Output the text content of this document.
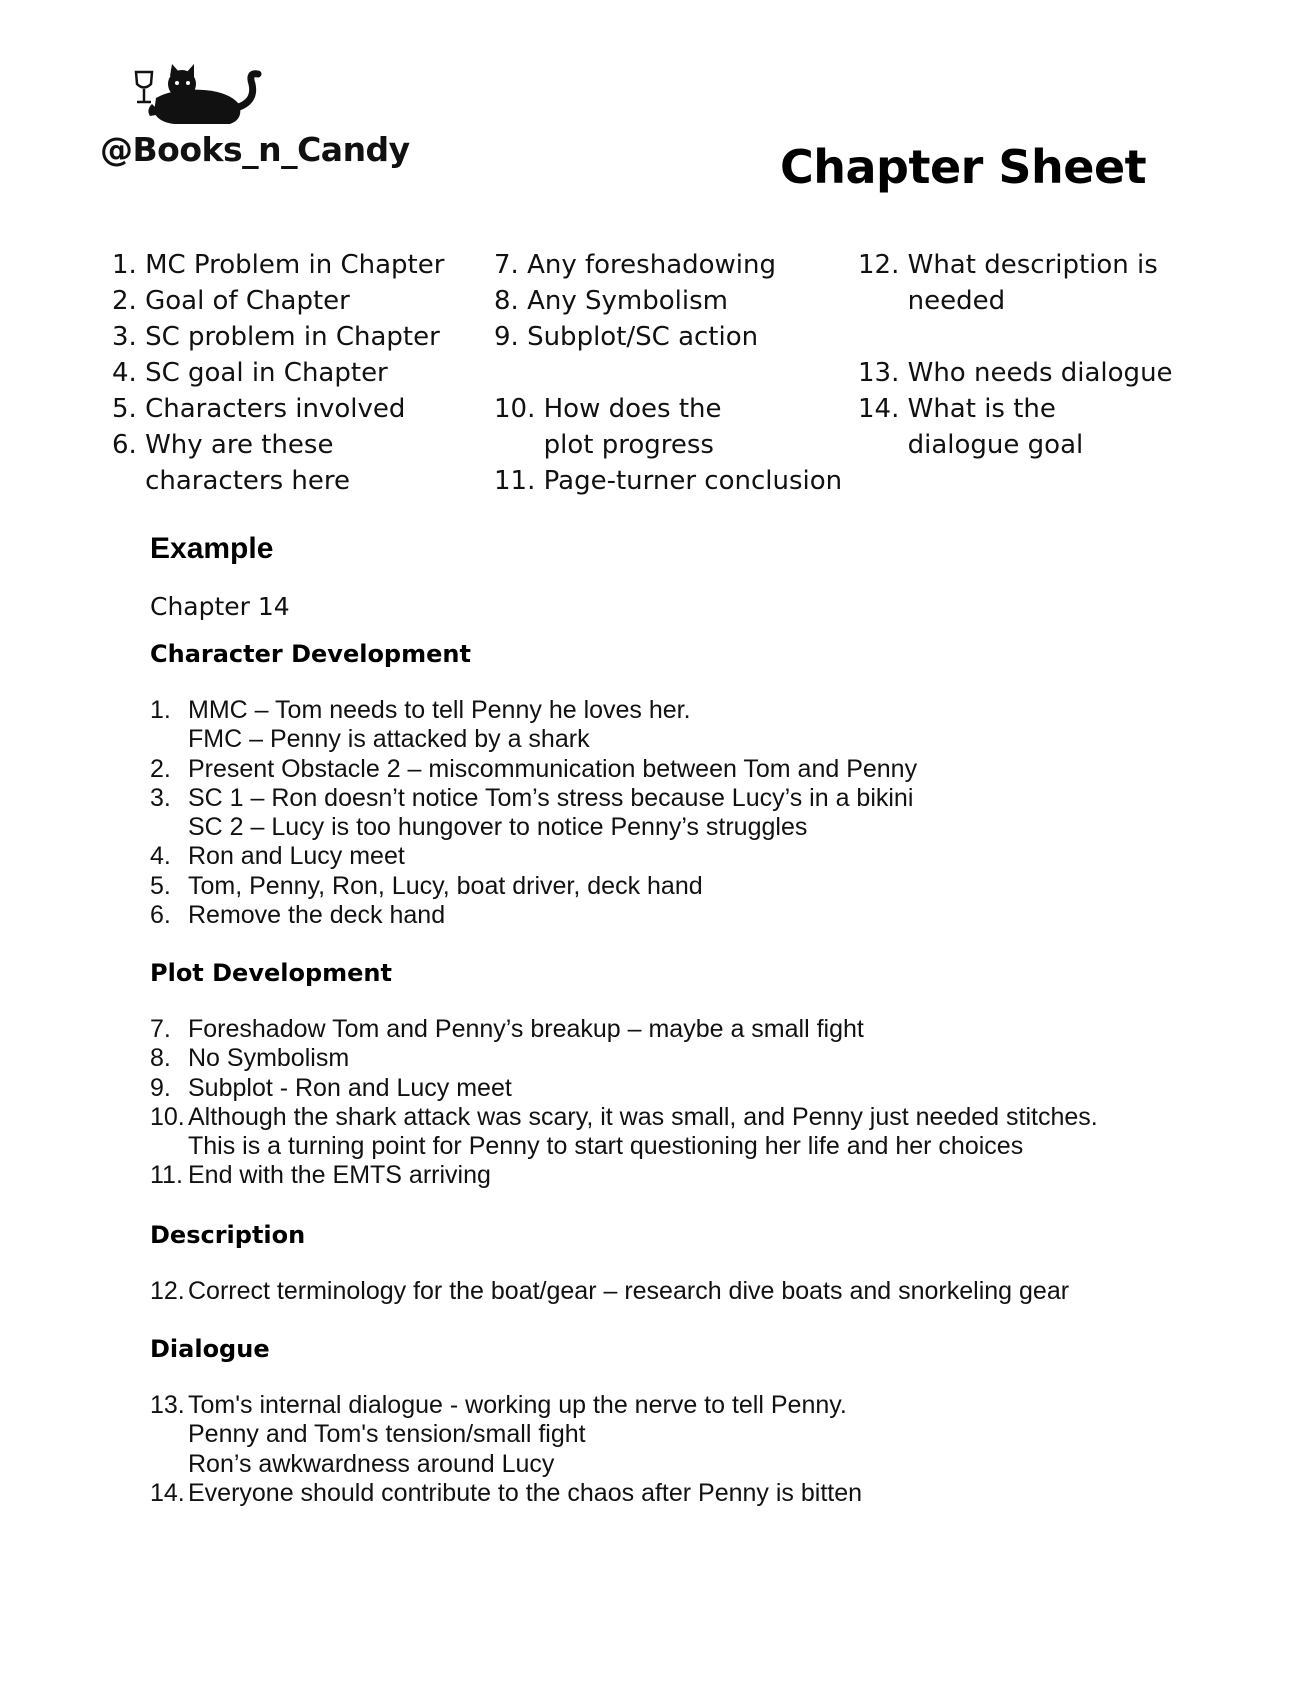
@Books_n_Candy	Chapter Sheet
1. MC Problem in Chapter
2. Goal of Chapter
3. SC problem in Chapter
4. SC goal in Chapter
5. Characters involved
6. Why are these characters here
7. Any foreshadowing
8. Any Symbolism
9. Subplot/SC action
10. How does the plot progress
11. Page-turner conclusion
12. What description is needed
13. Who needs dialogue
14. What is the dialogue goal
Example
Chapter 14
Character Development
1. MMC – Tom needs to tell Penny he loves her.
FMC – Penny is attacked by a shark
2. Present Obstacle 2 – miscommunication between Tom and Penny
3. SC 1 – Ron doesn’t notice Tom’s stress because Lucy’s in a bikini
SC 2 – Lucy is too hungover to notice Penny’s struggles
4. Ron and Lucy meet
5. Tom, Penny, Ron, Lucy, boat driver, deck hand
6. Remove the deck hand
Plot Development
7. Foreshadow Tom and Penny’s breakup – maybe a small fight
8. No Symbolism
9. Subplot - Ron and Lucy meet
10. Although the shark attack was scary, it was small, and Penny just needed stitches.
This is a turning point for Penny to start questioning her life and her choices
11. End with the EMTS arriving
Description
12. Correct terminology for the boat/gear – research dive boats and snorkeling gear
Dialogue
13. Tom's internal dialogue - working up the nerve to tell Penny.
Penny and Tom's tension/small fight
Ron’s awkwardness around Lucy
14. Everyone should contribute to the chaos after Penny is bitten
